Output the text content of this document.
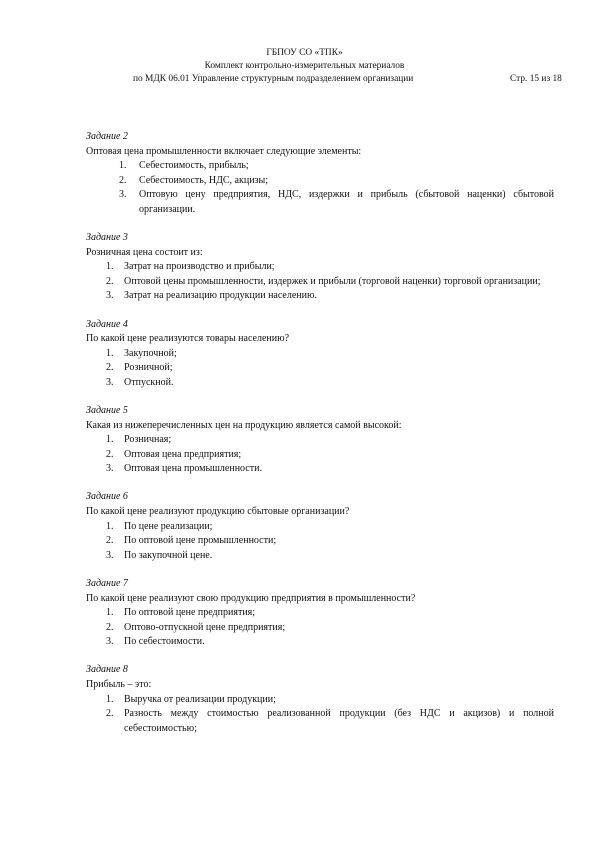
ГБПОУ СО «ТПК»
Комплект контрольно-измерительных материалов
по МДК 06.01 Управление структурным подразделением организации	Стр. 15 из 18
Задание 2
Оптовая цена промышленности включает следующие элементы:
1. Себестоимость, прибыль;
2. Себестоимость, НДС, акцизы;
3. Оптовую цену предприятия, НДС, издержки и прибыль (сбытовой наценки) сбытовой организации.
Задание 3
Розничная цена состоит из:
1. Затрат на производство и прибыли;
2. Оптовой цены промышленности, издержек и прибыли (торговой наценки) торговой организации;
3. Затрат на реализацию продукции населению.
Задание 4
По какой цене реализуются товары населению?
1. Закупочной;
2. Розничной;
3. Отпускной.
Задание 5
Какая из нижеперечисленных цен на продукцию является самой высокой:
1. Розничная;
2. Оптовая цена предприятия;
3. Оптовая цена промышленности.
Задание 6
По какой цене реализуют продукцию сбытовые организации?
1. По цене реализации;
2. По оптовой цене промышленности;
3. По закупочной цене.
Задание 7
По какой цене реализуют свою продукцию предприятия в промышленности?
1. По оптовой цене предприятия;
2. Оптово-отпускной цене предприятия;
3. По себестоимости.
Задание 8
Прибыль – это:
1. Выручка от реализации продукции;
2. Разность между стоимостью реализованной продукции (без НДС и акцизов) и полной себестоимостью;
